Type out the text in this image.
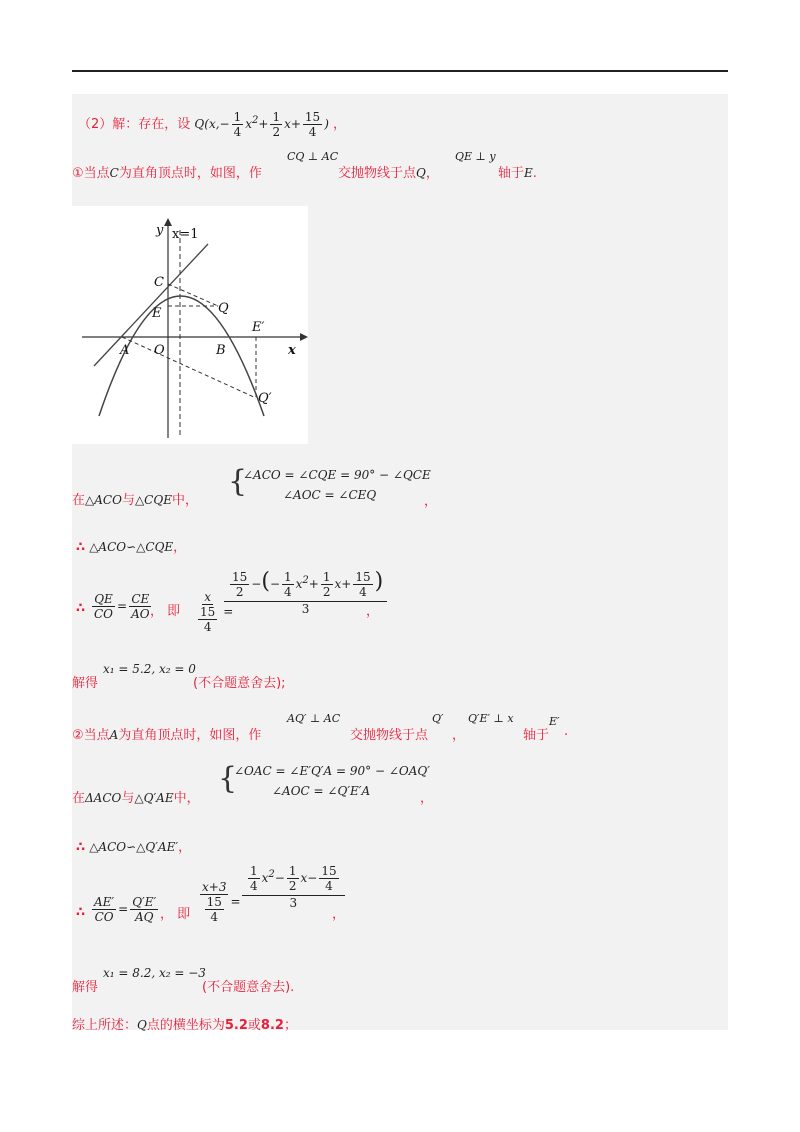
（2）解：存在，设 $Q(x,- \frac{1}{4} x^2+ \frac{1}{2} x+ \frac{15}{4}$ ) ，
①当点C为直角顶点时，如图，作
CQ ⊥ AC
交抛物线于点Q，
QE ⊥ y
轴于E.
y x=1
C
Q
E
E′
A O	B	x
Q′
在△ACO与△CQE中，
{
∠ACO = ∠CQE = 90° − ∠QCE
∠AOC = ∠CEQ	，
∴ △ACO∽△CQE，
∴ $\frac{QE}{CO} = \frac{CE}{AO}$
， 即 $\frac{x}{\frac{15}{4}}$ =
$\frac{\frac{15}{2} -(- \frac{1}{4} x^2+ \frac{1}{2} x+ \frac{15}{4} )}{3}$
，
解得
x₁ = 5.2, x₂ = 0
(不合题意舍去);
②当点A为直角顶点时，如图，作
AQ′ ⊥ AC
交抛物线于点
Q′
，
Q′E′ ⊥ x
轴于
E′
.
在ΔACO与△Q′AE中，
{
∠OAC = ∠E′Q′A = 90° − ∠OAQ′
∠AOC = ∠Q′E′A	，
∴ △ACO∽△Q′AE′，
∴ $\frac{AE'}{CO} = \frac{Q'E'}{AQ}$ ， 即 $\frac{x+3}{\frac{15}{4}} = \frac{\frac{1}{4} x^2- \frac{1}{2} x- \frac{15}{4}}{3}$
，
解得
x₁ = 8.2, x₂ = −3
(不合题意舍去).
综上所述：Q点的横坐标为5.2或8.2；
